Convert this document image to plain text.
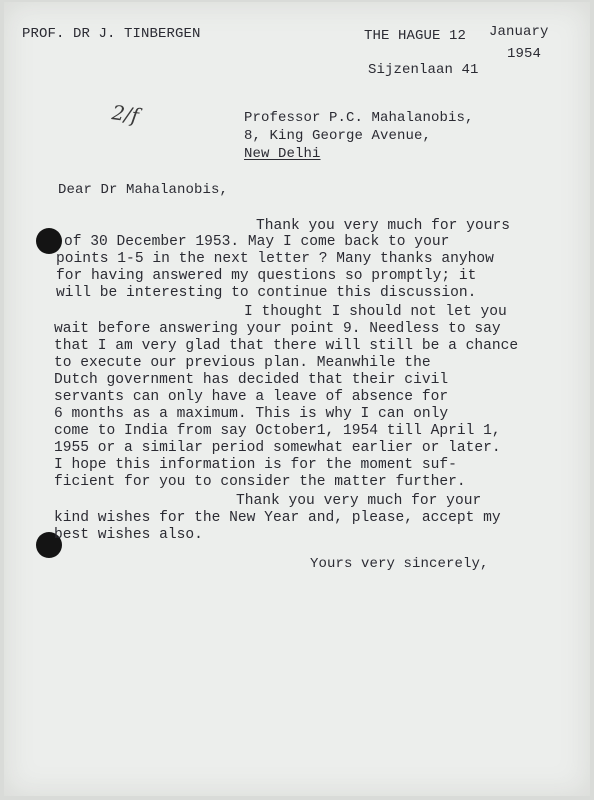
PROF. DR J. TINBERGEN	THE HAGUE 12 January
1954
Sijzenlaan 41
2/f	Professor P.C. Mahalanobis,
8, King George Avenue,
New Delhi
Dear Dr Mahalanobis,
Thank you very much for yours
of 30 December 1953. May I come back to your
points 1-5 in the next letter ? Many thanks anyhow
for having answered my questions so promptly; it
will be interesting to continue this discussion.
I thought I should not let you
wait before answering your point 9. Needless to say
that I am very glad that there will still be a chance
to execute our previous plan. Meanwhile the
Dutch government has decided that their civil
servants can only have a leave of absence for
6 months as a maximum. This is why I can only
come to India from say October1, 1954 till April 1,
1955 or a similar period somewhat earlier or later.
I hope this information is for the moment suf-
ficient for you to consider the matter further.
Thank you very much for your
kind wishes for the New Year and, please, accept my
best wishes also.
Yours very sincerely,
